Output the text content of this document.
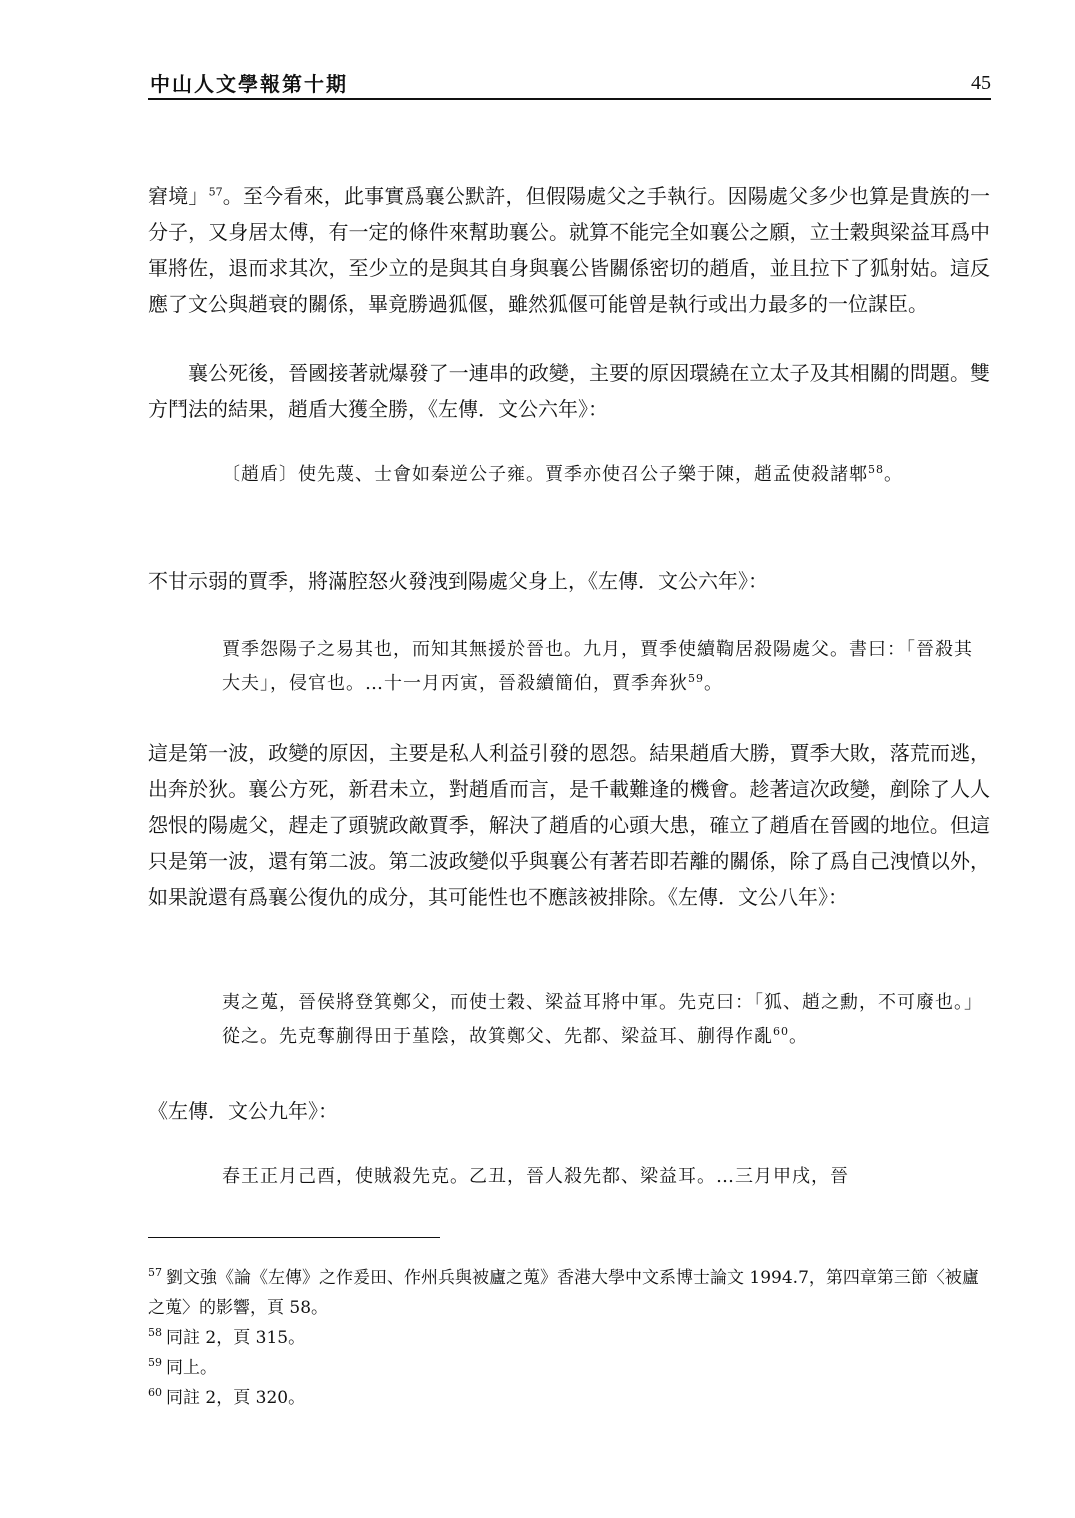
中山人文學報第十期	45

窘境」$^{57}$。至今看來，此事實爲襄公默許，但假陽處父之手執行。因陽處父多少也算是貴族的一分子，又身居太傅，有一定的條件來幫助襄公。就算不能完全如襄公之願，立士穀與梁益耳爲中軍將佐，退而求其次，至少立的是與其自身與襄公皆關係密切的趙盾，並且拉下了狐射姑。這反應了文公與趙衰的關係，畢竟勝過狐偃，雖然狐偃可能曾是執行或出力最多的一位謀臣。

襄公死後，晉國接著就爆發了一連串的政變，主要的原因環繞在立太子及其相關的問題。雙方鬥法的結果，趙盾大獲全勝，《左傳．文公六年》：

〔趙盾〕使先蔑、士會如秦逆公子雍。賈季亦使召公子樂于陳，趙孟使殺諸郫$^{58}$。

不甘示弱的賈季，將滿腔怒火發洩到陽處父身上，《左傳．文公六年》：

賈季怨陽子之易其也，而知其無援於晉也。九月，賈季使續鞫居殺陽處父。書曰：「晉殺其大夫」，侵官也。…十一月丙寅，晉殺續簡伯，賈季奔狄$^{59}$。

這是第一波，政變的原因，主要是私人利益引發的恩怨。結果趙盾大勝，賈季大敗，落荒而逃，出奔於狄。襄公方死，新君未立，對趙盾而言，是千載難逢的機會。趁著這次政變，剷除了人人怨恨的陽處父，趕走了頭號政敵賈季，解決了趙盾的心頭大患，確立了趙盾在晉國的地位。但這只是第一波，還有第二波。第二波政變似乎與襄公有著若即若離的關係，除了爲自己洩憤以外，如果說還有爲襄公復仇的成分，其可能性也不應該被排除。《左傳．文公八年》：

夷之蒐，晉侯將登箕鄭父，而使士穀、梁益耳將中軍。先克曰：「狐、趙之勳，不可廢也。」從之。先克奪蒯得田于堇陰，故箕鄭父、先都、梁益耳、蒯得作亂$^{60}$。

《左傳．文公九年》：

春王正月己酉，使賊殺先克。乙丑，晉人殺先都、梁益耳。…三月甲戌，晉

$^{57}$ 劉文強《論《左傳》之作爰田、作州兵與被廬之蒐》香港大學中文系博士論文 1994.7，第四章第三節〈被廬之蒐〉的影響，頁 58。

$^{58}$ 同註 2，頁 315。

$^{59}$ 同上。

$^{60}$ 同註 2，頁 320。
